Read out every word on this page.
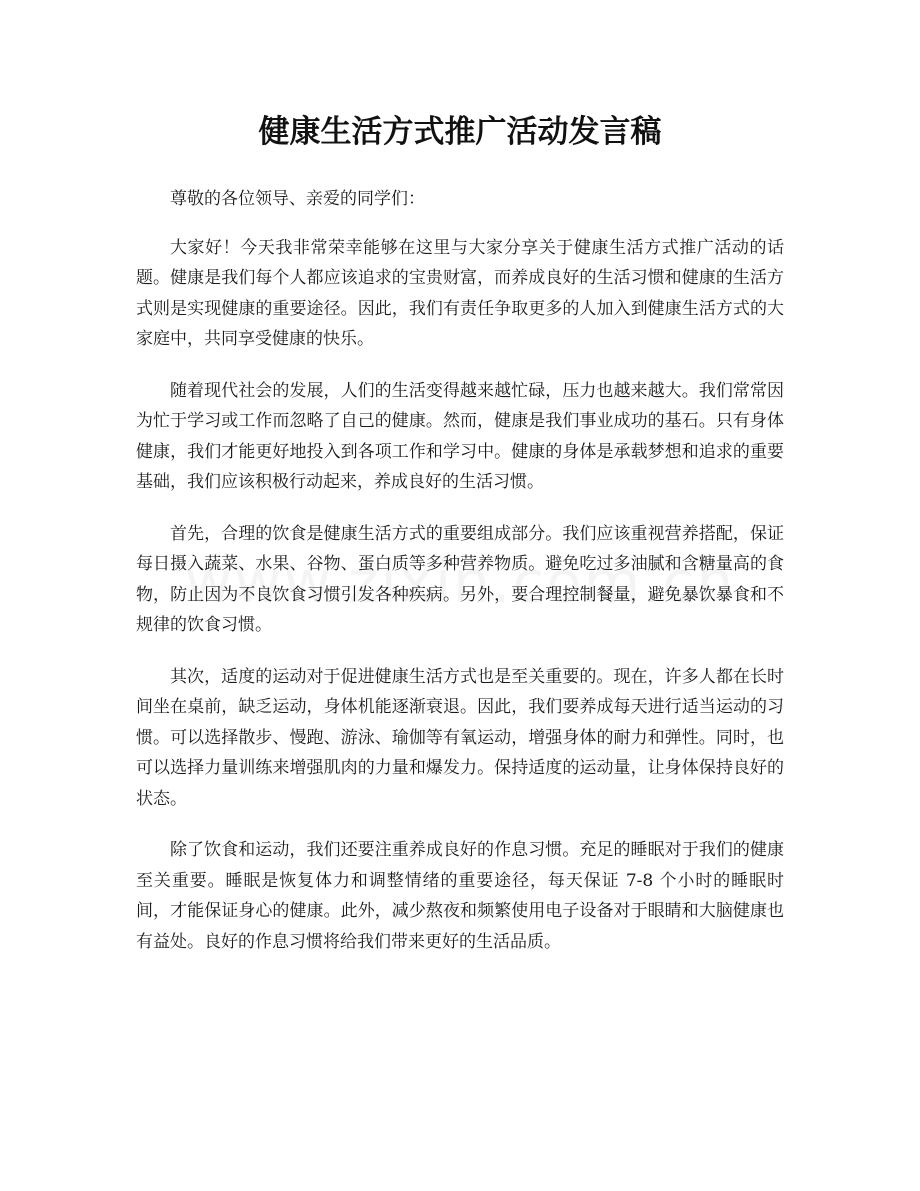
健康生活方式推广活动发言稿

尊敬的各位领导、亲爱的同学们：

大家好！今天我非常荣幸能够在这里与大家分享关于健康生活方式推广活动的话题。健康是我们每个人都应该追求的宝贵财富，而养成良好的生活习惯和健康的生活方式则是实现健康的重要途径。因此，我们有责任争取更多的人加入到健康生活方式的大家庭中，共同享受健康的快乐。

随着现代社会的发展，人们的生活变得越来越忙碌，压力也越来越大。我们常常因为忙于学习或工作而忽略了自己的健康。然而，健康是我们事业成功的基石。只有身体健康，我们才能更好地投入到各项工作和学习中。健康的身体是承载梦想和追求的重要基础，我们应该积极行动起来，养成良好的生活习惯。

首先，合理的饮食是健康生活方式的重要组成部分。我们应该重视营养搭配，保证每日摄入蔬菜、水果、谷物、蛋白质等多种营养物质。避免吃过多油腻和含糖量高的食物，防止因为不良饮食习惯引发各种疾病。另外，要合理控制餐量，避免暴饮暴食和不规律的饮食习惯。

其次，适度的运动对于促进健康生活方式也是至关重要的。现在，许多人都在长时间坐在桌前，缺乏运动，身体机能逐渐衰退。因此，我们要养成每天进行适当运动的习惯。可以选择散步、慢跑、游泳、瑜伽等有氧运动，增强身体的耐力和弹性。同时，也可以选择力量训练来增强肌肉的力量和爆发力。保持适度的运动量，让身体保持良好的状态。

除了饮食和运动，我们还要注重养成良好的作息习惯。充足的睡眠对于我们的健康至关重要。睡眠是恢复体力和调整情绪的重要途径，每天保证 7-8 个小时的睡眠时间，才能保证身心的健康。此外，减少熬夜和频繁使用电子设备对于眼睛和大脑健康也有益处。良好的作息习惯将给我们带来更好的生活品质。
